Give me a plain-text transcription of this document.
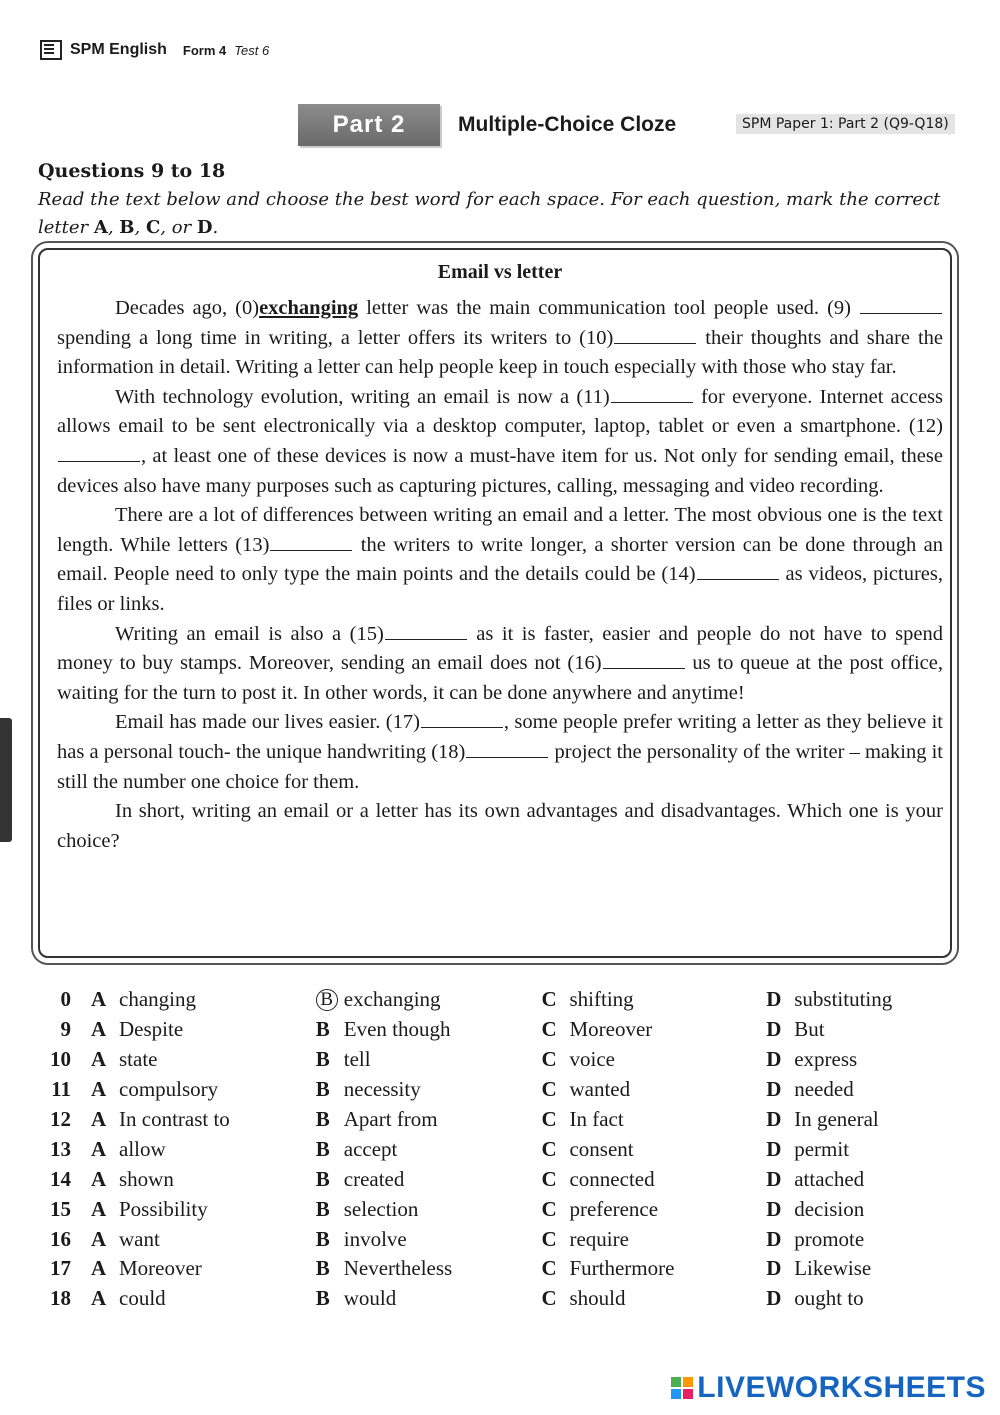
SPM English Form 4 Test 6
Part 2	Multiple-Choice Cloze	SPM Paper 1: Part 2 (Q9-Q18)
Questions 9 to 18
Read the text below and choose the best word for each space. For each question, mark the correct letter A, B, C, or D.
Email vs letter

Decades ago, (0)exchanging letter was the main communication tool people used. (9)  spending a long time in writing, a letter offers its writers to (10)	their thoughts and share the information in detail. Writing a letter can help people keep in touch especially with those who stay far.

With technology evolution, writing an email is now a (11)	for everyone. Internet access allows email to be sent electronically via a desktop computer, laptop, tablet or even a smartphone. (12), at least one of these devices is now a must-have item for us. Not only for sending email, these devices also have many purposes such as capturing pictures, calling, messaging and video recording.

There are a lot of differences between writing an email and a letter. The most obvious one is the text length. While letters (13)	the writers to write longer, a shorter version can be done through an email. People need to only type the main points and the details could be (14)	as videos, pictures, files or links.

Writing an email is also a (15)	as it is faster, easier and people do not have to spend money to buy stamps. Moreover, sending an email does not (16)	us to queue at the post office, waiting for the turn to post it. In other words, it can be done anywhere and anytime!

Email has made our lives easier. (17)	, some people prefer writing a letter as they believe it has a personal touch- the unique handwriting (18)	project the personality of the writer – making it still the number one choice for them.

In short, writing an email or a letter has its own advantages and disadvantages. Which one is your choice?

0 A changing	B exchanging	C shifting	D substituting
9 A Despite	B Even though	C Moreover	D But
10 A state	B tell	C voice	D express
11 A compulsory	B necessity	C wanted	D needed
12 A In contrast to	B Apart from	C In fact	D In general
13 A allow	B accept	C consent	D permit
14 A shown	B created	C connected	D attached
15 A Possibility	B selection	C preference	D decision
16 A want	B involve	C require	D promote
17 A Moreover	B Nevertheless	C Furthermore	D Likewise
18 A could	B would	C should	D ought to
LIVEWORKSHEETS
